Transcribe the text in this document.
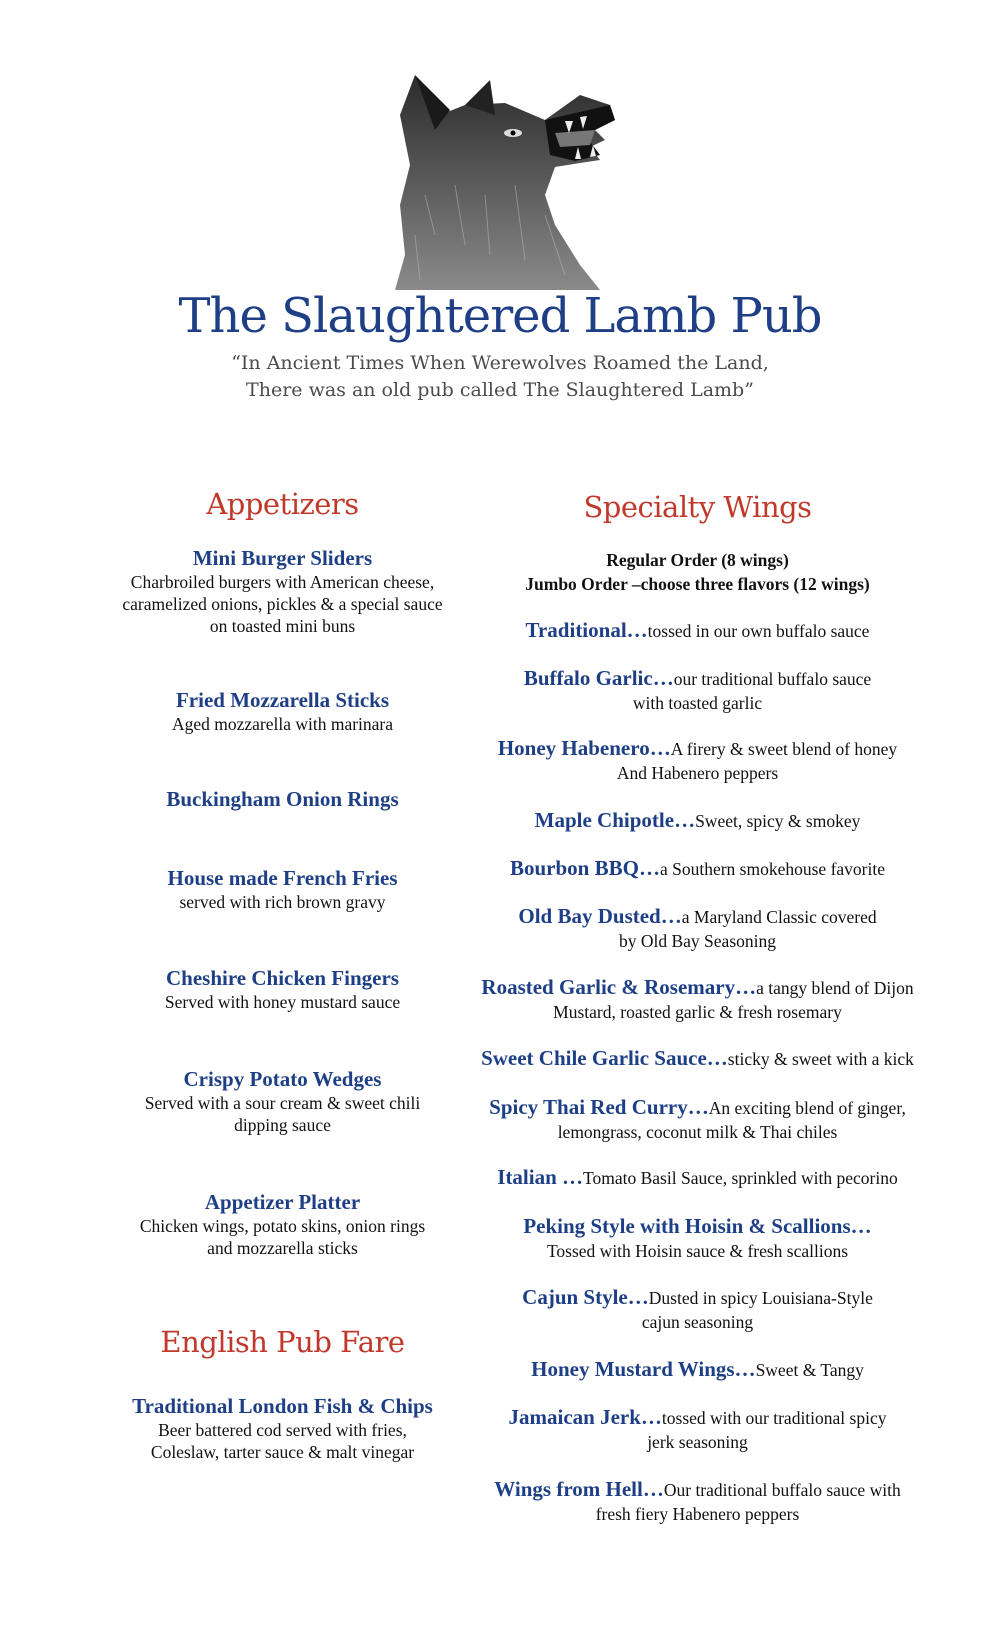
The Slaughtered Lamb Pub
“In Ancient Times When Werewolves Roamed the Land,
There was an old pub called The Slaughtered Lamb”
Appetizers
Mini Burger Sliders
Charbroiled burgers with American cheese,
caramelized onions, pickles & a special sauce
on toasted mini buns
Fried Mozzarella Sticks
Aged mozzarella with marinara
Buckingham Onion Rings
House made French Fries
served with rich brown gravy
Cheshire Chicken Fingers
Served with honey mustard sauce
Crispy Potato Wedges
Served with a sour cream & sweet chili
dipping sauce
Appetizer Platter
Chicken wings, potato skins, onion rings
and mozzarella sticks
English Pub Fare
Traditional London Fish & Chips
Beer battered cod served with fries,
Coleslaw, tarter sauce & malt vinegar
Specialty Wings
Regular Order (8 wings)
Jumbo Order –choose three flavors (12 wings)
Traditional…tossed in our own buffalo sauce
Buffalo Garlic…our traditional buffalo sauce
with toasted garlic
Honey Habenero…A firery & sweet blend of honey
And Habenero peppers
Maple Chipotle…Sweet, spicy & smokey
Bourbon BBQ…a Southern smokehouse favorite
Old Bay Dusted…a Maryland Classic covered
by Old Bay Seasoning
Roasted Garlic & Rosemary…a tangy blend of Dijon
Mustard, roasted garlic & fresh rosemary
Sweet Chile Garlic Sauce…sticky & sweet with a kick
Spicy Thai Red Curry…An exciting blend of ginger,
lemongrass, coconut milk & Thai chiles
Italian …Tomato Basil Sauce, sprinkled with pecorino
Peking Style with Hoisin & Scallions…
Tossed with Hoisin sauce & fresh scallions
Cajun Style…Dusted in spicy Louisiana-Style
cajun seasoning
Honey Mustard Wings…Sweet & Tangy
Jamaican Jerk…tossed with our traditional spicy
jerk seasoning
Wings from Hell…Our traditional buffalo sauce with
fresh fiery Habenero peppers
